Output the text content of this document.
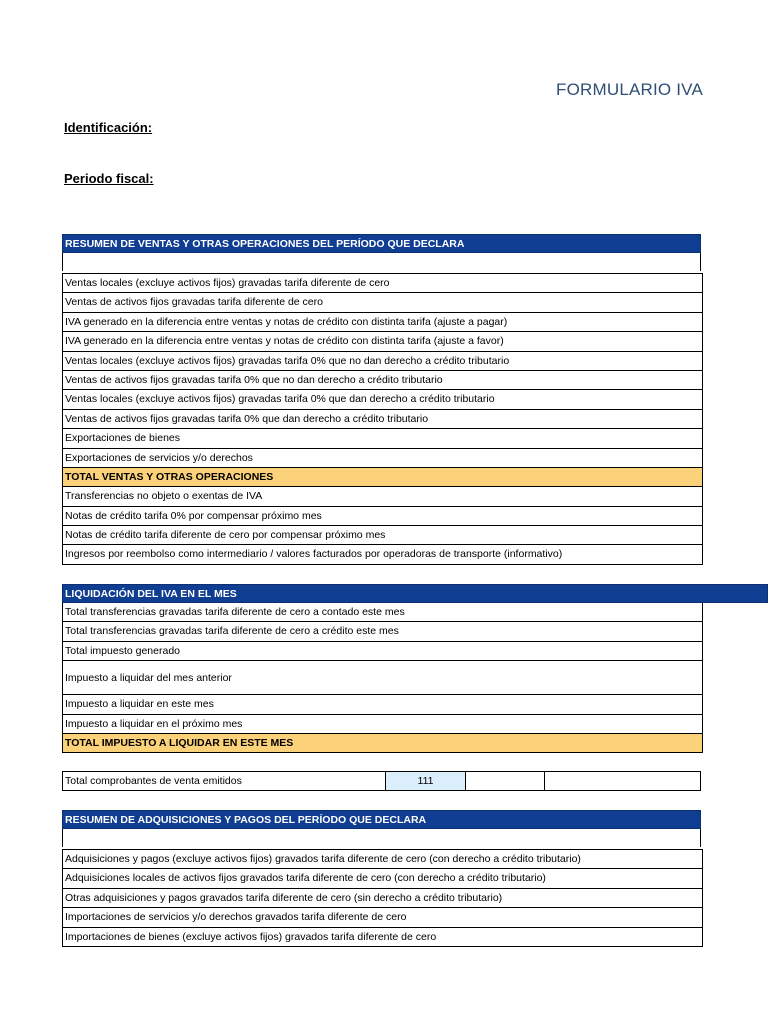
FORMULARIO IVA
Identificación:
Periodo fiscal:
RESUMEN DE VENTAS Y OTRAS OPERACIONES DEL PERÍODO QUE DECLARA
Ventas locales (excluye activos fijos) gravadas tarifa diferente de cero
Ventas de activos fijos gravadas tarifa diferente de cero
IVA generado en la diferencia entre ventas y notas de crédito con distinta tarifa (ajuste a pagar)
IVA generado en la diferencia entre ventas y notas de crédito con distinta tarifa (ajuste a favor)
Ventas locales (excluye activos fijos) gravadas tarifa 0% que no dan derecho a crédito tributario
Ventas de activos fijos gravadas tarifa 0% que no dan derecho a crédito tributario
Ventas locales (excluye activos fijos) gravadas tarifa 0% que dan derecho a crédito tributario
Ventas de activos fijos gravadas tarifa 0% que dan derecho a crédito tributario
Exportaciones de bienes
Exportaciones de servicios y/o derechos
TOTAL VENTAS Y OTRAS OPERACIONES
Transferencias no objeto o exentas de IVA
Notas de crédito tarifa 0% por compensar próximo mes
Notas de crédito tarifa diferente de cero por compensar próximo mes
Ingresos por reembolso como intermediario / valores facturados por operadoras de transporte (informativo)
LIQUIDACIÓN DEL IVA EN EL MES
Total transferencias gravadas tarifa diferente de cero a contado este mes
Total transferencias gravadas tarifa diferente de cero a crédito este mes
Total impuesto generado
Impuesto a liquidar del mes anterior
Impuesto a liquidar en este mes
Impuesto a liquidar en el próximo mes
TOTAL IMPUESTO A LIQUIDAR EN ESTE MES
Total comprobantes de venta emitidos	111
RESUMEN DE ADQUISICIONES Y PAGOS DEL PERÍODO QUE DECLARA
Adquisiciones y pagos (excluye activos fijos) gravados tarifa diferente de cero (con derecho a crédito tributario)
Adquisiciones locales de activos fijos gravados tarifa diferente de cero (con derecho a crédito tributario)
Otras adquisiciones y pagos gravados tarifa diferente de cero (sin derecho a crédito tributario)
Importaciones de servicios y/o derechos gravados tarifa diferente de cero
Importaciones de bienes (excluye activos fijos) gravados tarifa diferente de cero
